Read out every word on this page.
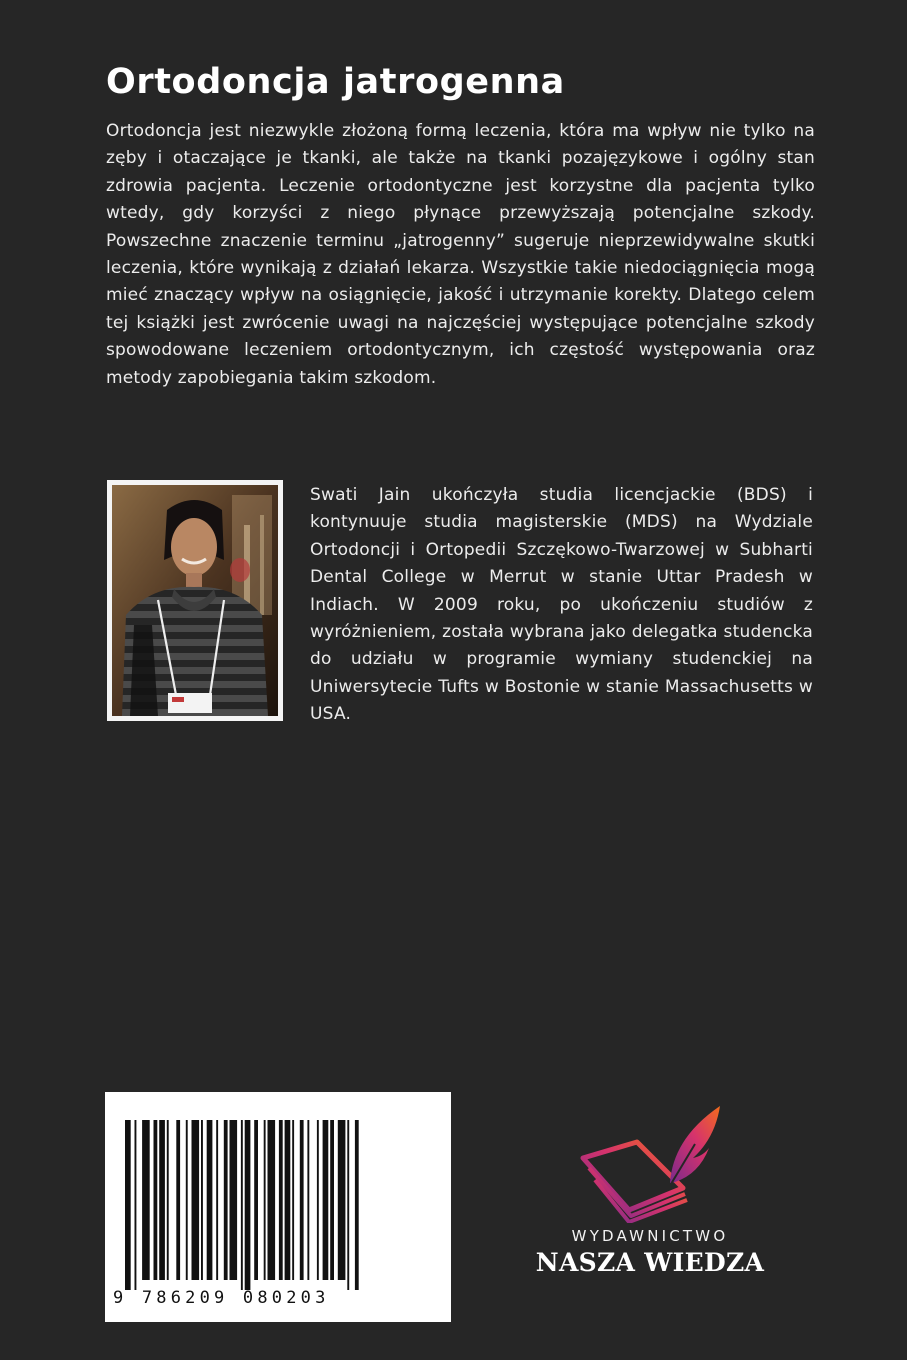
Ortodoncja jatrogenna

Ortodoncja jest niezwykle złożoną formą leczenia, która ma wpływ nie tylko na zęby i otaczające je tkanki, ale także na tkanki pozajęzykowe i ogólny stan zdrowia pacjenta. Leczenie ortodontyczne jest korzystne dla pacjenta tylko wtedy, gdy korzyści z niego płynące przewyższają potencjalne szkody. Powszechne znaczenie terminu „jatrogenny” sugeruje nieprzewidywalne skutki leczenia, które wynikają z działań lekarza. Wszystkie takie niedociągnięcia mogą mieć znaczący wpływ na osiągnięcie, jakość i utrzymanie korekty. Dlatego celem tej książki jest zwrócenie uwagi na najczęściej występujące potencjalne szkody spowodowane leczeniem ortodontycznym, ich częstość występowania oraz metody zapobiegania takim szkodom.

Swati Jain ukończyła studia licencjackie (BDS) i kontynuuje studia magisterskie (MDS) na Wydziale Ortodoncji i Ortopedii Szczękowo-Twarzowej w Subharti Dental College w Merrut w stanie Uttar Pradesh w Indiach. W 2009 roku, po ukończeniu studiów z wyróżnieniem, została wybrana jako delegatka studencka do udziału w programie wymiany studenckiej na Uniwersytecie Tufts w Bostonie w stanie Massachusetts w USA.

9 786209 080203
WYDAWNICTWO
NASZA WIEDZA
